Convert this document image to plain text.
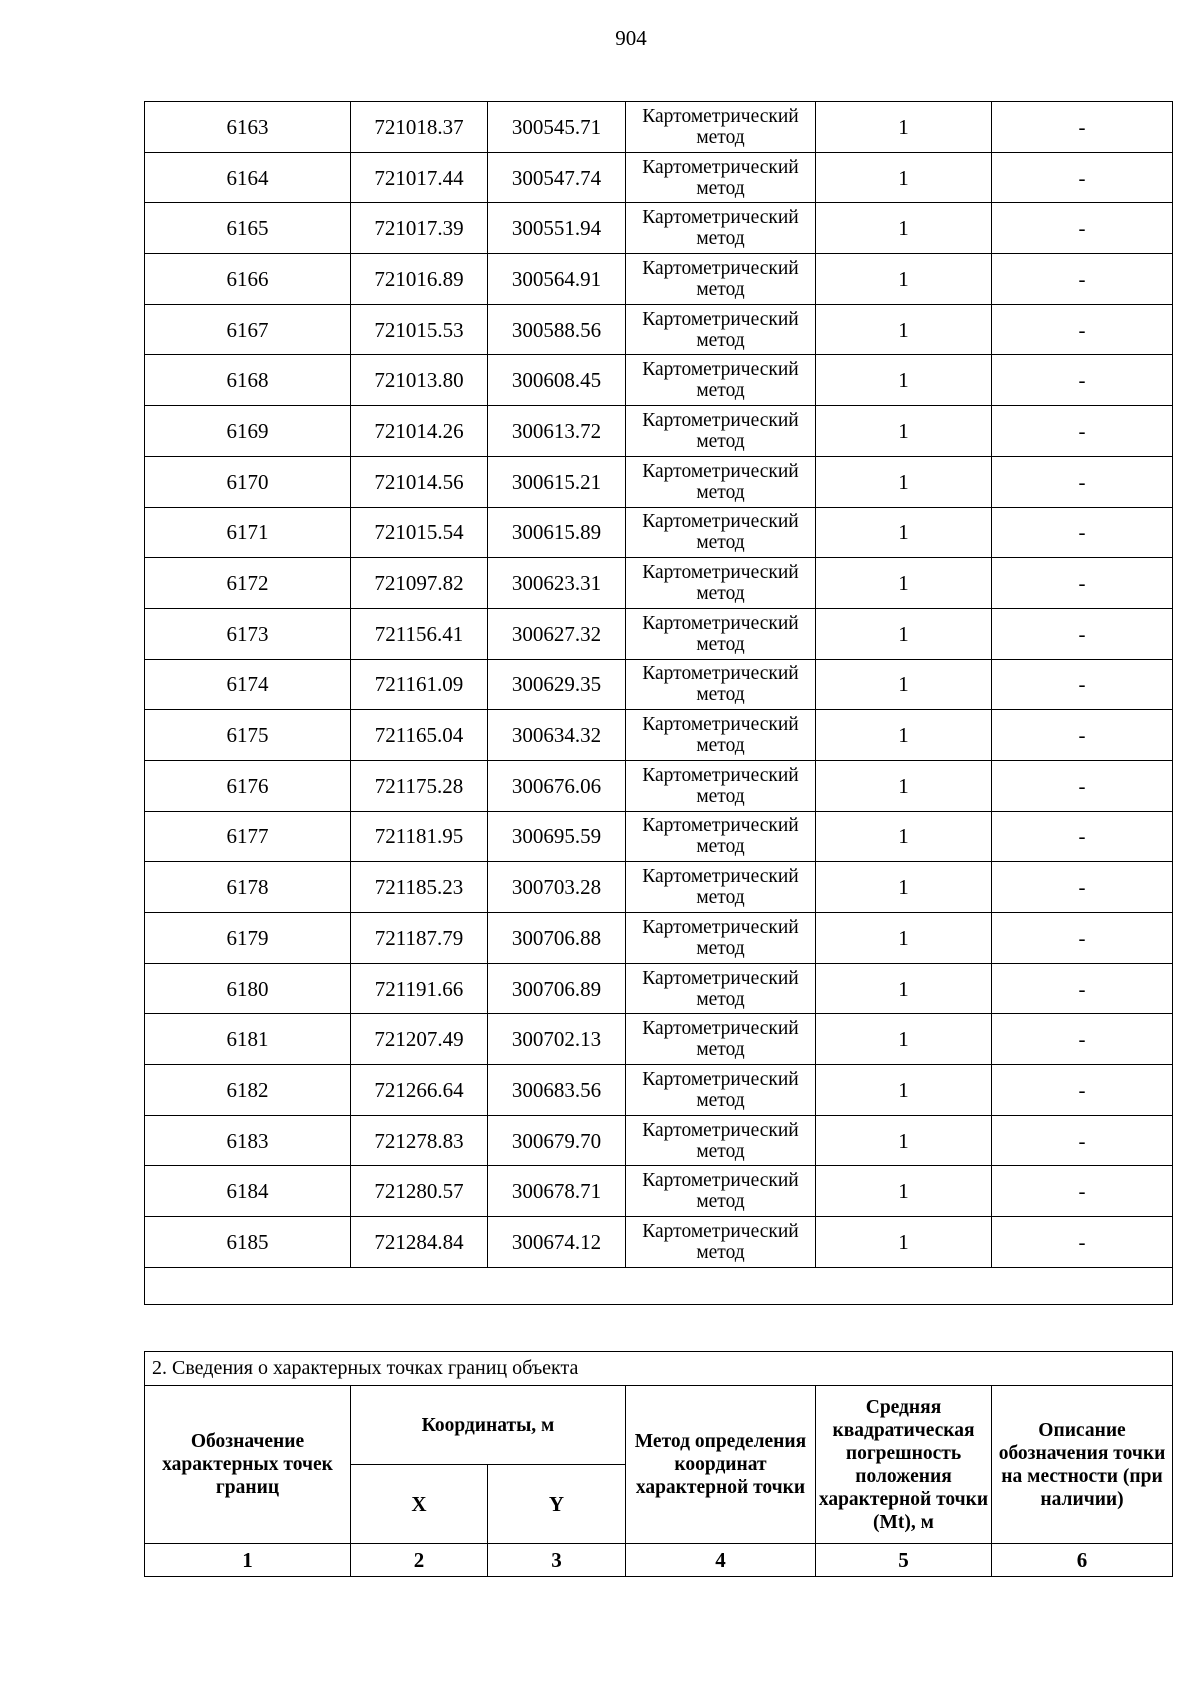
904
6163	721018.37	300545.71	Картометрический метод	1	-
6164	721017.44	300547.74	Картометрический метод	1	-
6165	721017.39	300551.94	Картометрический метод	1	-
6166	721016.89	300564.91	Картометрический метод	1	-
6167	721015.53	300588.56	Картометрический метод	1	-
6168	721013.80	300608.45	Картометрический метод	1	-
6169	721014.26	300613.72	Картометрический метод	1	-
6170	721014.56	300615.21	Картометрический метод	1	-
6171	721015.54	300615.89	Картометрический метод	1	-
6172	721097.82	300623.31	Картометрический метод	1	-
6173	721156.41	300627.32	Картометрический метод	1	-
6174	721161.09	300629.35	Картометрический метод	1	-
6175	721165.04	300634.32	Картометрический метод	1	-
6176	721175.28	300676.06	Картометрический метод	1	-
6177	721181.95	300695.59	Картометрический метод	1	-
6178	721185.23	300703.28	Картометрический метод	1	-
6179	721187.79	300706.88	Картометрический метод	1	-
6180	721191.66	300706.89	Картометрический метод	1	-
6181	721207.49	300702.13	Картометрический метод	1	-
6182	721266.64	300683.56	Картометрический метод	1	-
6183	721278.83	300679.70	Картометрический метод	1	-
6184	721280.57	300678.71	Картометрический метод	1	-
6185	721284.84	300674.12	Картометрический метод	1	-

2. Сведения о характерных точках границ объекта					
Обозначение характерных точек границ	Координаты, м		Метод определения координат характерной точки	Средняя квадратическая погрешность положения характерной точки (Mt), м	Описание обозначения точки на местности (при наличии)
	X	Y			
1	2	3	4	5	6
